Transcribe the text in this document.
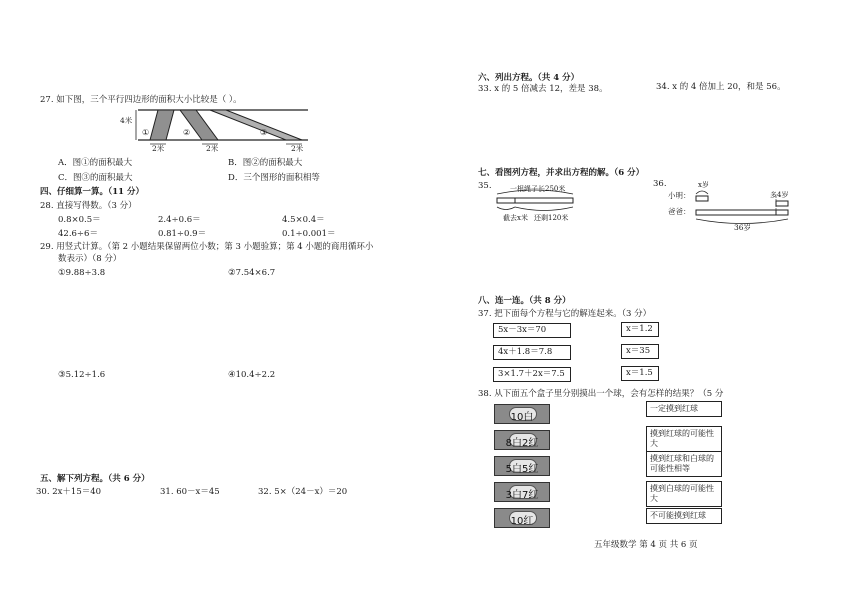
27. 如下图，三个平行四边形的面积大小比较是（ ）。
4米
①	②	③
2米	2米	2米
A．图①的面积最大	B．图②的面积最大
C．图③的面积最大	D．三个图形的面积相等
四、仔细算一算。（11 分）
28. 直接写得数。（3 分）
0.8×0.5＝	2.4÷0.6＝	4.5×0.4＝
42.6÷6＝	0.81÷0.9＝	0.1÷0.001＝
29. 用竖式计算。（第 2 小题结果保留两位小数；第 3 小题验算；第 4 小题的商用循环小
数表示）（8 分）
①9.88÷3.8	②7.54×6.7
③5.12÷1.6	④10.4÷2.2
五、解下列方程。（共 6 分）
30. 2x＋15＝40	31. 60－x＝45	32. 5×（24－x）＝20
六、列出方程。（共 4 分）
33. x 的 5 倍减去 12，差是 38。	34. x 的 4 倍加上 20，和是 56。
七、看图列方程，并求出方程的解。（6 分）
35.	一根绳子长250米
截去x米 还剩120米
36.
小明：
爸爸：
x岁
多4岁
36岁
八、连一连。（共 8 分）
37. 把下面每个方程与它的解连起来。（3 分）
5x－3x＝70
4x＋1.8＝7.8
3×1.7＋2x＝7.5
x＝1.2
x＝35
x＝1.5
38. 从下面五个盒子里分别摸出一个球，会有怎样的结果？（5 分
10白
8白2红
5白5红
3白7红
10红
一定摸到红球
摸到红球的可能性大
摸到红球和白球的可能性相等
摸到白球的可能性大
不可能摸到红球
五年级数学 第 4 页 共 6 页
